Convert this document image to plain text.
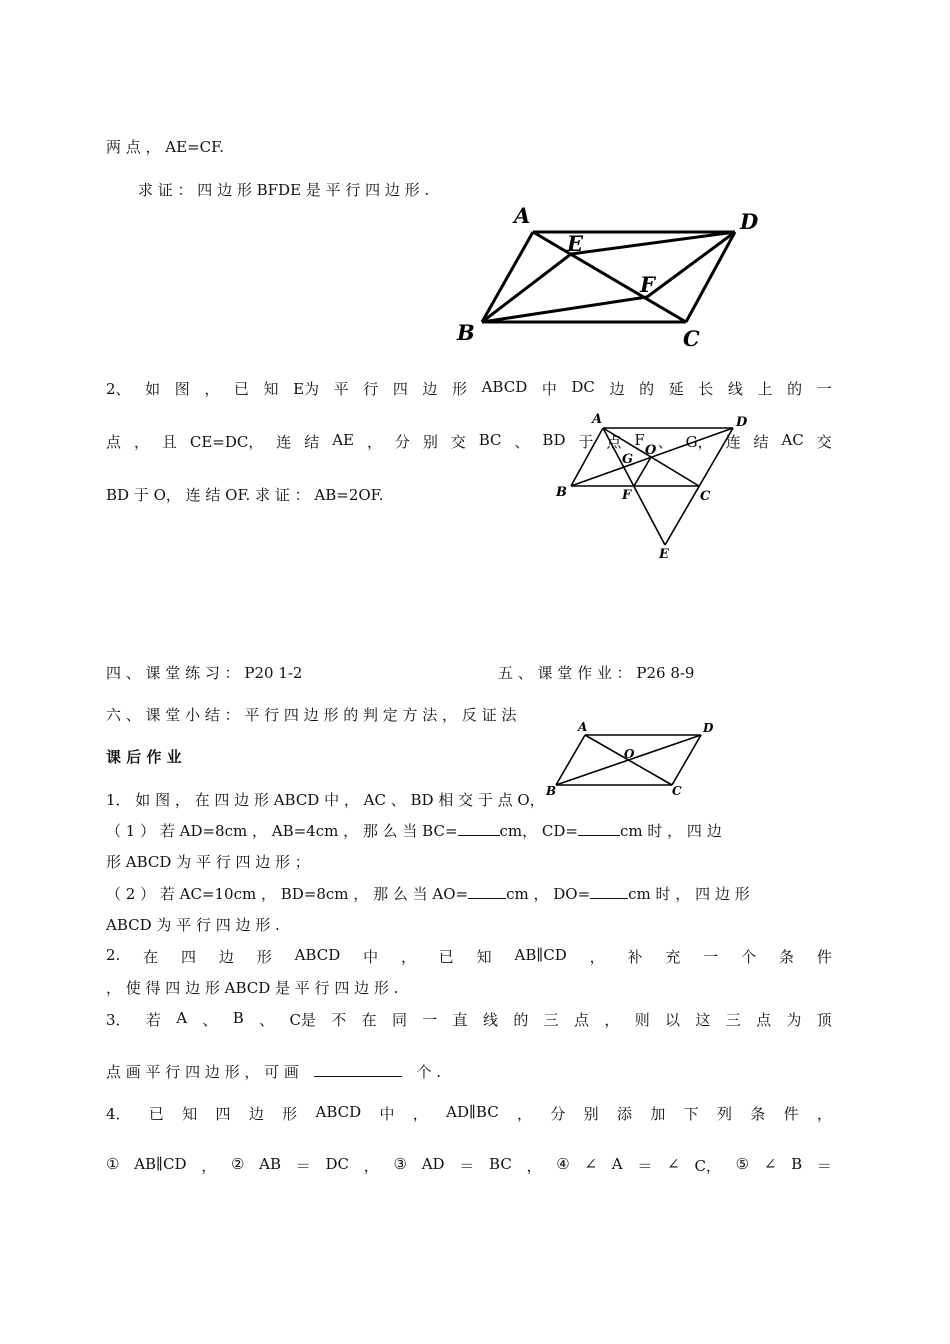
两 点 ， AE=CF.
求 证 ： 四 边 形 BFDE 是 平 行 四 边 形 .
A	D
E
F
B	C
2、 如 图 ， 已 知 E为 平 行 四 边 形 ABCD 中 DC 边 的 延 长 线 上 的 一
点 ， 且 CE=DC， 连 结 AE ， 分 别 交 BC 、 BD 于 点 F 、 G， 连 结 AC 交
BD 于 O， 连 结 OF. 求 证 ： AB=2OF.
A	D
G
O
B	F	C
E
四 、 课 堂 练 习 ： P20 1-2	五 、 课 堂 作 业 ： P26 8-9
六 、 课 堂 小 结 ： 平 行 四 边 形 的 判 定 方 法 ， 反 证 法
课 后 作 业
A	D
O
B	C
1． 如 图 ， 在 四 边 形 ABCD 中 ， AC 、 BD 相 交 于 点 O，
（ 1 ） 若 AD=8cm ， AB=4cm ， 那 么 当 BC=	cm， CD=	cm 时 ， 四 边
形 ABCD 为 平 行 四 边 形 ；
（ 2 ） 若 AC=10cm ， BD=8cm ， 那 么 当 AO=	cm ， DO=	cm 时 ， 四 边 形
ABCD 为 平 行 四 边 形 .
2. 在 四 边 形 ABCD 中 ， 已 知 AB∥CD ， 补 充 一 个 条 件
， 使 得 四 边 形 ABCD 是 平 行 四 边 形 .
3． 若 A 、 B 、 C是 不 在 同 一 直 线 的 三 点 ， 则 以 这 三 点 为 顶
点 画 平 行 四 边 形 ， 可 画	个 .
4． 已 知 四 边 形 ABCD 中 ， AD∥BC ， 分 别 添 加 下 列 条 件 ，
① AB∥CD ， ② AB ＝ DC ， ③ AD ＝ BC ， ④ ∠ A ＝ ∠ C， ⑤ ∠ B ＝
